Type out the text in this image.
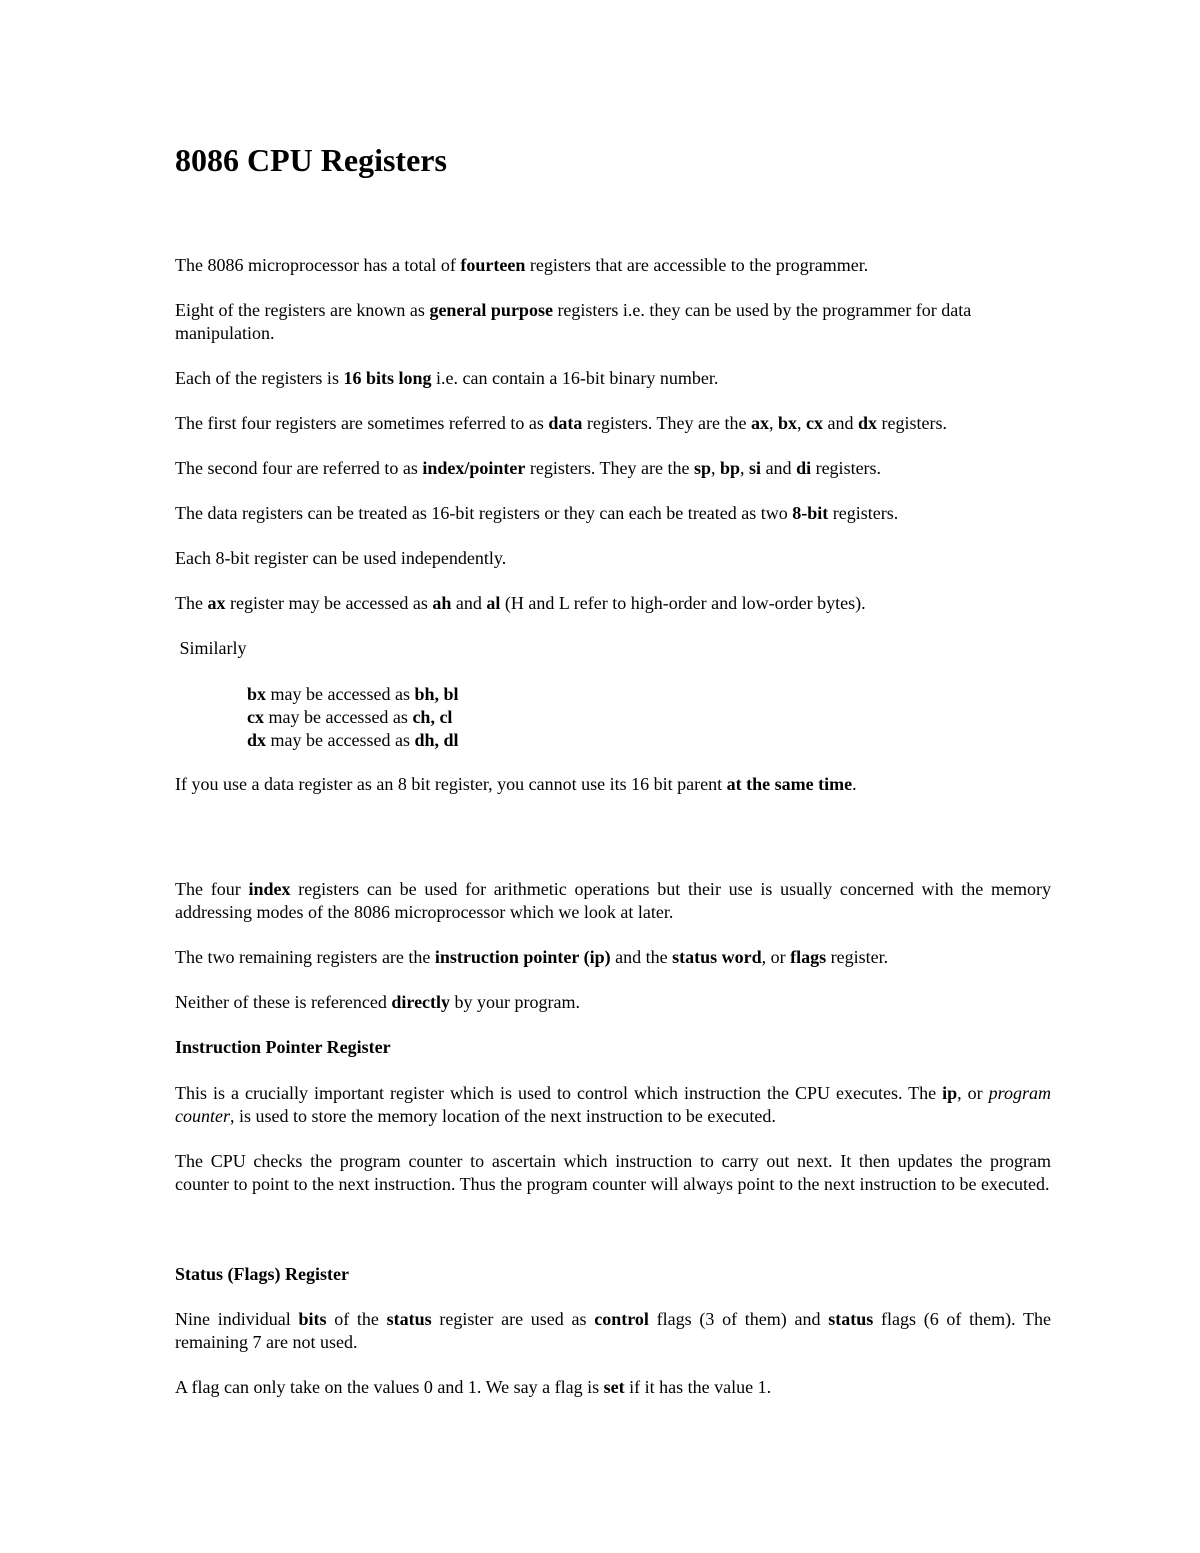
8086 CPU Registers

The 8086 microprocessor has a total of fourteen registers that are accessible to the programmer.

Eight of the registers are known as general purpose registers i.e. they can be used by the programmer for data manipulation.

Each of the registers is 16 bits long i.e. can contain a 16-bit binary number.

The first four registers are sometimes referred to as data registers. They are the ax, bx, cx and dx registers.

The second four are referred to as index/pointer registers. They are the sp, bp, si and di registers.

The data registers can be treated as 16-bit registers or they can each be treated as two 8-bit registers.

Each 8-bit register can be used independently.

The ax register may be accessed as ah and al (H and L refer to high-order and low-order bytes).

Similarly

bx may be accessed as bh, bl
cx may be accessed as ch, cl
dx may be accessed as dh, dl

If you use a data register as an 8 bit register, you cannot use its 16 bit parent at the same time.

The four index registers can be used for arithmetic operations but their use is usually concerned with the memory addressing modes of the 8086 microprocessor which we look at later.

The two remaining registers are the instruction pointer (ip) and the status word, or flags register.

Neither of these is referenced directly by your program.

Instruction Pointer Register

This is a crucially important register which is used to control which instruction the CPU executes. The ip, or program counter, is used to store the memory location of the next instruction to be executed.

The CPU checks the program counter to ascertain which instruction to carry out next. It then updates the program counter to point to the next instruction. Thus the program counter will always point to the next instruction to be executed.

Status (Flags) Register

Nine individual bits of the status register are used as control flags (3 of them) and status flags (6 of them). The remaining 7 are not used.

A flag can only take on the values 0 and 1. We say a flag is set if it has the value 1.
